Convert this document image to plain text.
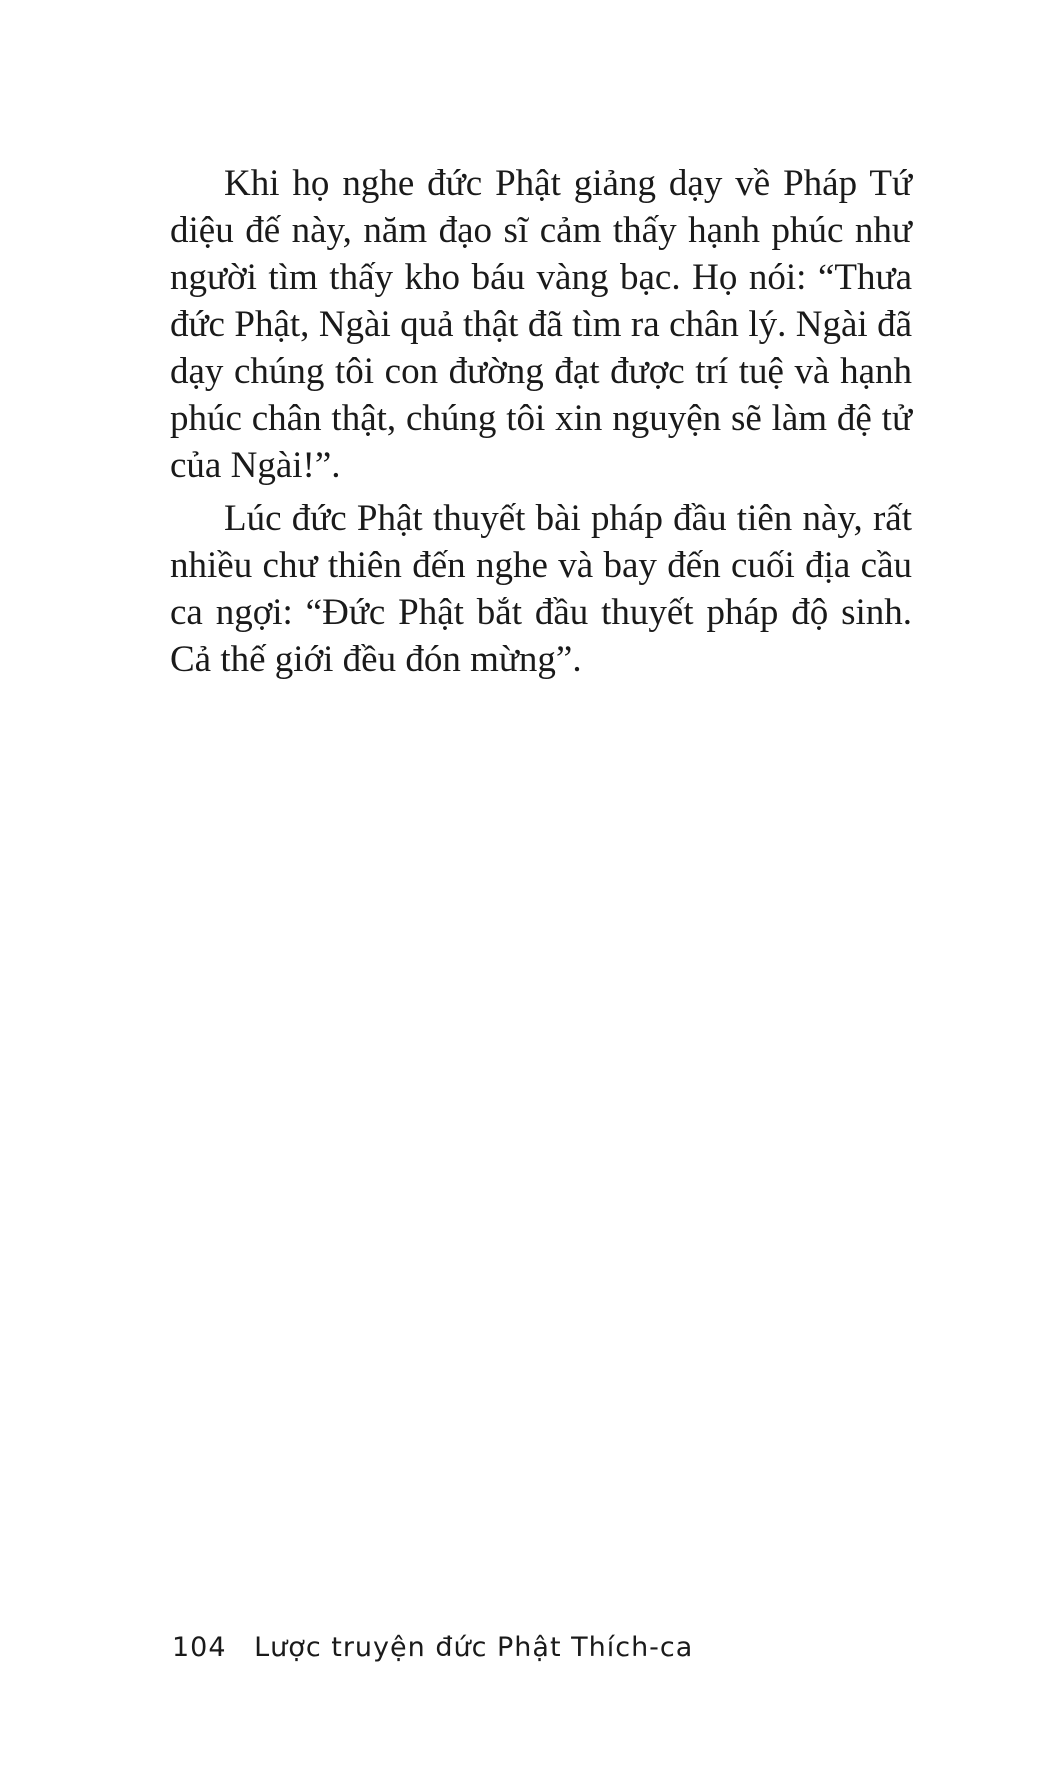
Khi họ nghe đức Phật giảng dạy về Pháp Tứ diệu đế này, năm đạo sĩ cảm thấy hạnh phúc như người tìm thấy kho báu vàng bạc. Họ nói: “Thưa đức Phật, Ngài quả thật đã tìm ra chân lý. Ngài đã dạy chúng tôi con đường đạt được trí tuệ và hạnh phúc chân thật, chúng tôi xin nguyện sẽ làm đệ tử của Ngài!”.

Lúc đức Phật thuyết bài pháp đầu tiên này, rất nhiều chư thiên đến nghe và bay đến cuối địa cầu ca ngợi: “Đức Phật bắt đầu thuyết pháp độ sinh. Cả thế giới đều đón mừng”.

104 Lược truyện đức Phật Thích-ca
